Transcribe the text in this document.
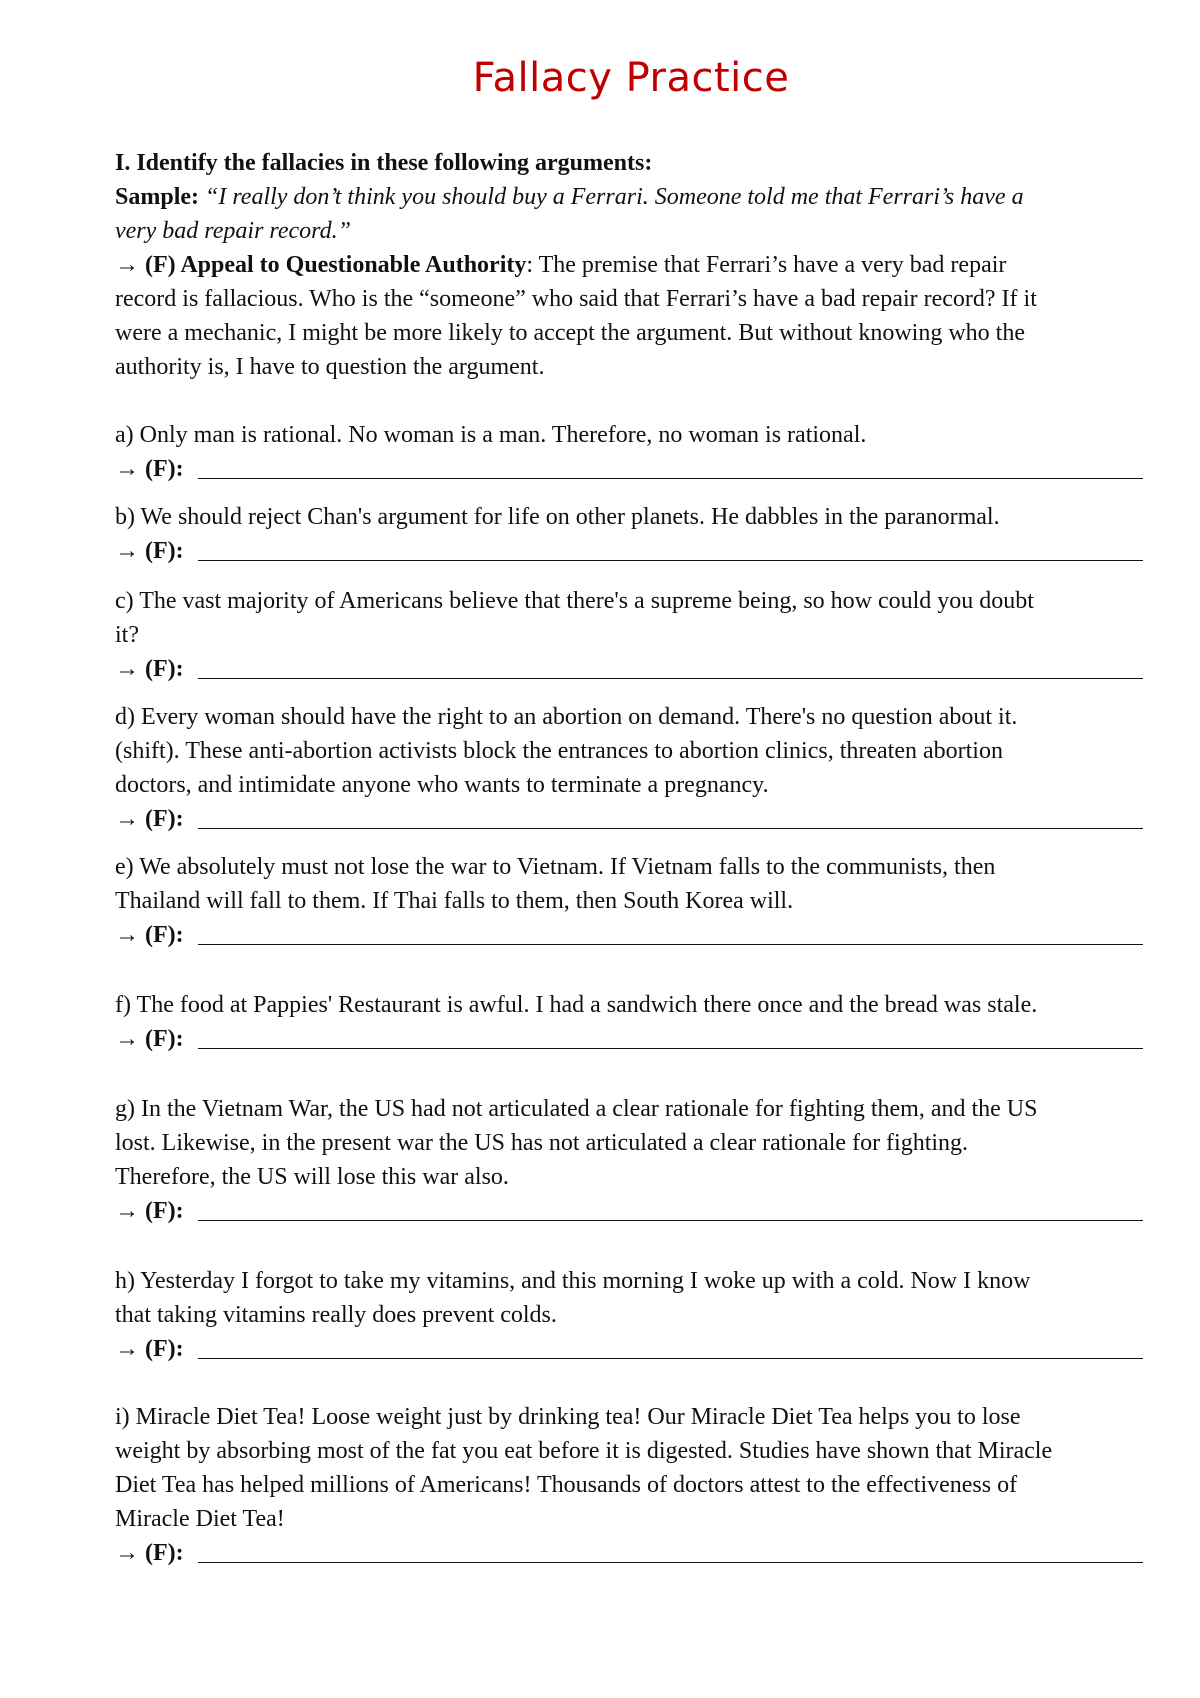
Fallacy Practice
I. Identify the fallacies in these following arguments:
Sample: “I really don’t think you should buy a Ferrari. Someone told me that Ferrari’s have a
very bad repair record.”
→ (F) Appeal to Questionable Authority: The premise that Ferrari’s have a very bad repair
record is fallacious. Who is the “someone” who said that Ferrari’s have a bad repair record? If it
were a mechanic, I might be more likely to accept the argument. But without knowing who the
authority is, I have to question the argument.
a) Only man is rational. No woman is a man. Therefore, no woman is rational.
→ (F):
b) We should reject Chan's argument for life on other planets. He dabbles in the paranormal.
→ (F):
c) The vast majority of Americans believe that there's a supreme being, so how could you doubt
it?
→ (F):
d) Every woman should have the right to an abortion on demand. There's no question about it.
(shift). These anti-abortion activists block the entrances to abortion clinics, threaten abortion
doctors, and intimidate anyone who wants to terminate a pregnancy.
→ (F):
e) We absolutely must not lose the war to Vietnam. If Vietnam falls to the communists, then
Thailand will fall to them. If Thai falls to them, then South Korea will.
→ (F):
f) The food at Pappies' Restaurant is awful. I had a sandwich there once and the bread was stale.
→ (F):
g) In the Vietnam War, the US had not articulated a clear rationale for fighting them, and the US
lost. Likewise, in the present war the US has not articulated a clear rationale for fighting.
Therefore, the US will lose this war also.
→ (F):
h) Yesterday I forgot to take my vitamins, and this morning I woke up with a cold. Now I know
that taking vitamins really does prevent colds.
→ (F):
i) Miracle Diet Tea! Loose weight just by drinking tea! Our Miracle Diet Tea helps you to lose
weight by absorbing most of the fat you eat before it is digested. Studies have shown that Miracle
Diet Tea has helped millions of Americans! Thousands of doctors attest to the effectiveness of
Miracle Diet Tea!
→ (F):
